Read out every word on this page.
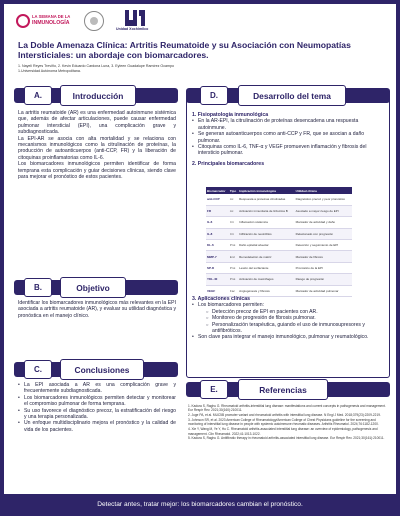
LA SEMANA DE LA
INMUNOLOGÍA
Unidad Xochimilco
La Doble Amenaza Clínica: Artritis Reumatoide y su Asociación con Neumopatías Intersticiales: un abordaje con biomarcadores.
1. Nayeli Reyes Treviño, 2. Kevin Eduardo Cardona Luna, 3. Eyleen Guadalupe Ramírez Ocampo
1.Universidad Autónoma Metropolitana.
A.	Introducción

La artritis reumatoide (AR) es una enfermedad autoinmune sistémica que, además de afectar articulaciones, puede causar enfermedad pulmonar intersticial (EPI), una complicación grave y subdiagnosticada.

La EPI-AR se asocia con alta mortalidad y se relaciona con mecanismos inmunológicos como la citrulinación de proteínas, la producción de autoanticuerpos (anti-CCP, FR) y la liberación de citoquinas proinflamatorias como IL-6.

Los biomarcadores inmunológicos permiten identificar de forma temprana esta complicación y guiar decisiones clínicas, siendo clave para mejorar el pronóstico de estos pacientes.

B.	Objetivo
Identificar los biomarcadores inmunológicos más relevantes en la EPI asociada a artritis reumatoide (AR), y evaluar su utilidad diagnóstica y pronóstica en el manejo clínico.
C.	Conclusiones
• La EPI asociada a AR es una complicación grave y frecuentemente subdiagnosticada.
• Los biomarcadores inmunológicos permiten detectar y monitorear el compromiso pulmonar de forma temprana.
• Su uso favorece el diagnóstico precoz, la estratificación del riesgo y una terapia personalizada.
• Un enfoque multidisciplinario mejora el pronóstico y la calidad de vida de los pacientes.
D.	Desarrollo del tema
1. Fisiopatología inmunológica
• En la AR-EPI, la citrulinación de proteínas desencadena una respuesta autoinmune.
• Se generan autoanticuerpos como anti-CCP y FR, que se asocian a daño pulmonar.
• Citoquinas como IL-6, TNF-α y VEGF promueven inflamación y fibrosis del intersticio pulmonar.
2. Principales biomarcadores
Biomarcador	Tipo	Implicación inmunológica	Utilidad clínica
anti-CCP	Ac	Respuesta a proteínas citrulinadas	Diagnóstico precoz y peor pronóstico
FR	Ac	Activación inmunitaria de linfocitos B	Asociado a mayor riesgo de EPI
IL-6	Cit	Inflamación sistémica	Marcador de actividad y daño
IL-8	Cit	Infiltración de neutrófilos	Relacionado con progresión
KL-6	Prot	Daño epitelial alveolar	Detección y seguimiento de EPI
MMP-7	Enz	Remodelación de matriz	Marcador de fibrosis
SP-D	Prot	Lesión del surfactante	Pronóstico de la EPI
YKL-40	Prot	Activación de macrófagos	Riesgo de progresión
VEGF	Fac	Angiogénesis y fibrosis	Marcador de actividad pulmonar
3. Aplicaciones clínicas
• Los biomarcadores permiten:
○ Detección precoz de EPI en pacientes con AR.
○ Monitoreo de progresión de fibrosis pulmonar.
○ Personalización terapéutica, guiando el uso de inmunosupresores y antifibróticos.
• Son clave para integrar el manejo inmunológico, pulmonar y reumatológico.
E.	Referencias

1. Kadura S, Raghu G. Rheumatoid arthritis-interstitial lung disease: manifestations and current concepts in pathogenesis and management. Eur Respir Rev. 2021;30(160):210011.

2. Juge PA, et al. MUC5B promoter variant and rheumatoid arthritis with interstitial lung disease. N Engl J Med. 2018;379(23):2209-2219.

3. Johnson SR, et al. 2023 American College of Rheumatology/American College of Chest Physicians guideline for the screening and monitoring of interstitial lung disease in people with systemic autoimmune rheumatic diseases. Arthritis Rheumatol. 2024;76:1182-1200.

4. Xie Y, Wang M, Ye Y, Hu C. Rheumatoid arthritis-associated interstitial lung disease: an overview of epidemiology, pathogenesis and management. Clin Rheumatol. 2022;41:1013-1022.

5. Kadura S, Raghu G. Antifibrotic therapy in rheumatoid arthritis-associated interstitial lung disease. Eur Respir Rev. 2021;30(161):210011.

Detectar antes, tratar mejor: los biomarcadores cambian el pronóstico.
